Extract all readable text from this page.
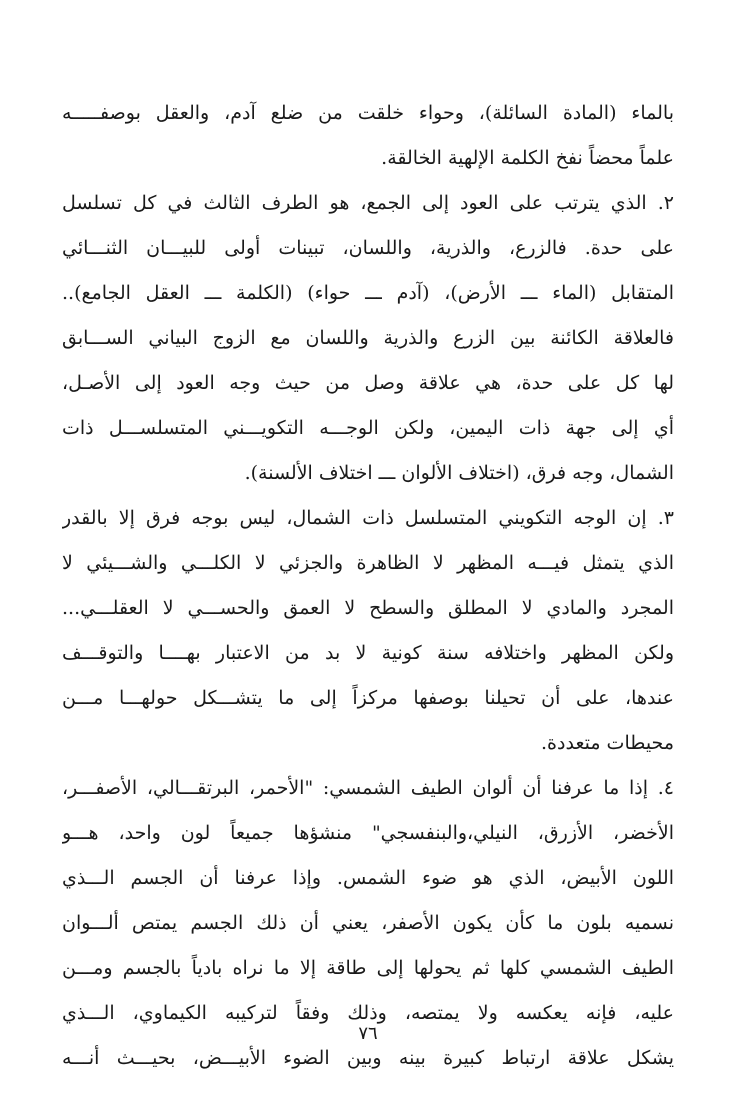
بالماء (المادة السائلة)، وحواء خلقت من ضلع آدم، والعقل بوصفـــــه
علماً محضاً نفخ الكلمة الإلهية الخالقة.
٢. الذي يترتب على العود إلى الجمع، هو الطرف الثالث في كل تسلسل
على حدة. فالزرع، والذرية، واللسان، تبينات أولى للبيـــان الثنـــائي
المتقابل (الماء ـــ الأرض)، (آدم ـــ حواء) (الكلمة ـــ العقل الجامع)..
فالعلاقة الكائنة بين الزرع والذرية واللسان مع الزوج البياني الســـابق
لها كل على حدة، هي علاقة وصل من حيث وجه العود إلى الأصـل،
أي إلى جهة ذات اليمين، ولكن الوجـــه التكويـــني المتسلســـل ذات
الشمال، وجه فرق، (اختلاف الألوان ـــ اختلاف الألسنة).
٣. إن الوجه التكويني المتسلسل ذات الشمال، ليس بوجه فرق إلا بالقدر
الذي يتمثل فيـــه المظهر لا الظاهرة والجزئي لا الكلـــي والشـــيئي لا
المجرد والمادي لا المطلق والسطح لا العمق والحســـي لا العقلـــي...
ولكن المظهر واختلافه سنة كونية لا بد من الاعتبار بهــــا والتوقـــف
عندها، على أن تحيلنا بوصفها مركزاً إلى ما يتشـــكل حولهـــا مـــن
محيطات متعددة.
٤. إذا ما عرفنا أن ألوان الطيف الشمسي: "الأحمر، البرتقـــالي، الأصفـــر،
الأخضر، الأزرق، النيلي،والبنفسجي" منشؤها جميعاً لون واحد، هـــو
اللون الأبيض، الذي هو ضوء الشمس. وإذا عرفنا أن الجسم الـــذي
نسميه بلون ما كأن يكون الأصفر، يعني أن ذلك الجسم يمتص ألـــوان
الطيف الشمسي كلها ثم يحولها إلى طاقة إلا ما نراه بادياً بالجسم ومـــن
عليه، فإنه يعكسه ولا يمتصه، وذلك وفقاً لتركيبه الكيماوي، الـــذي
يشكل علاقة ارتباط كبيرة بينه وبين الضوء الأبيـــض، بحيـــث أنـــه
٧٦
